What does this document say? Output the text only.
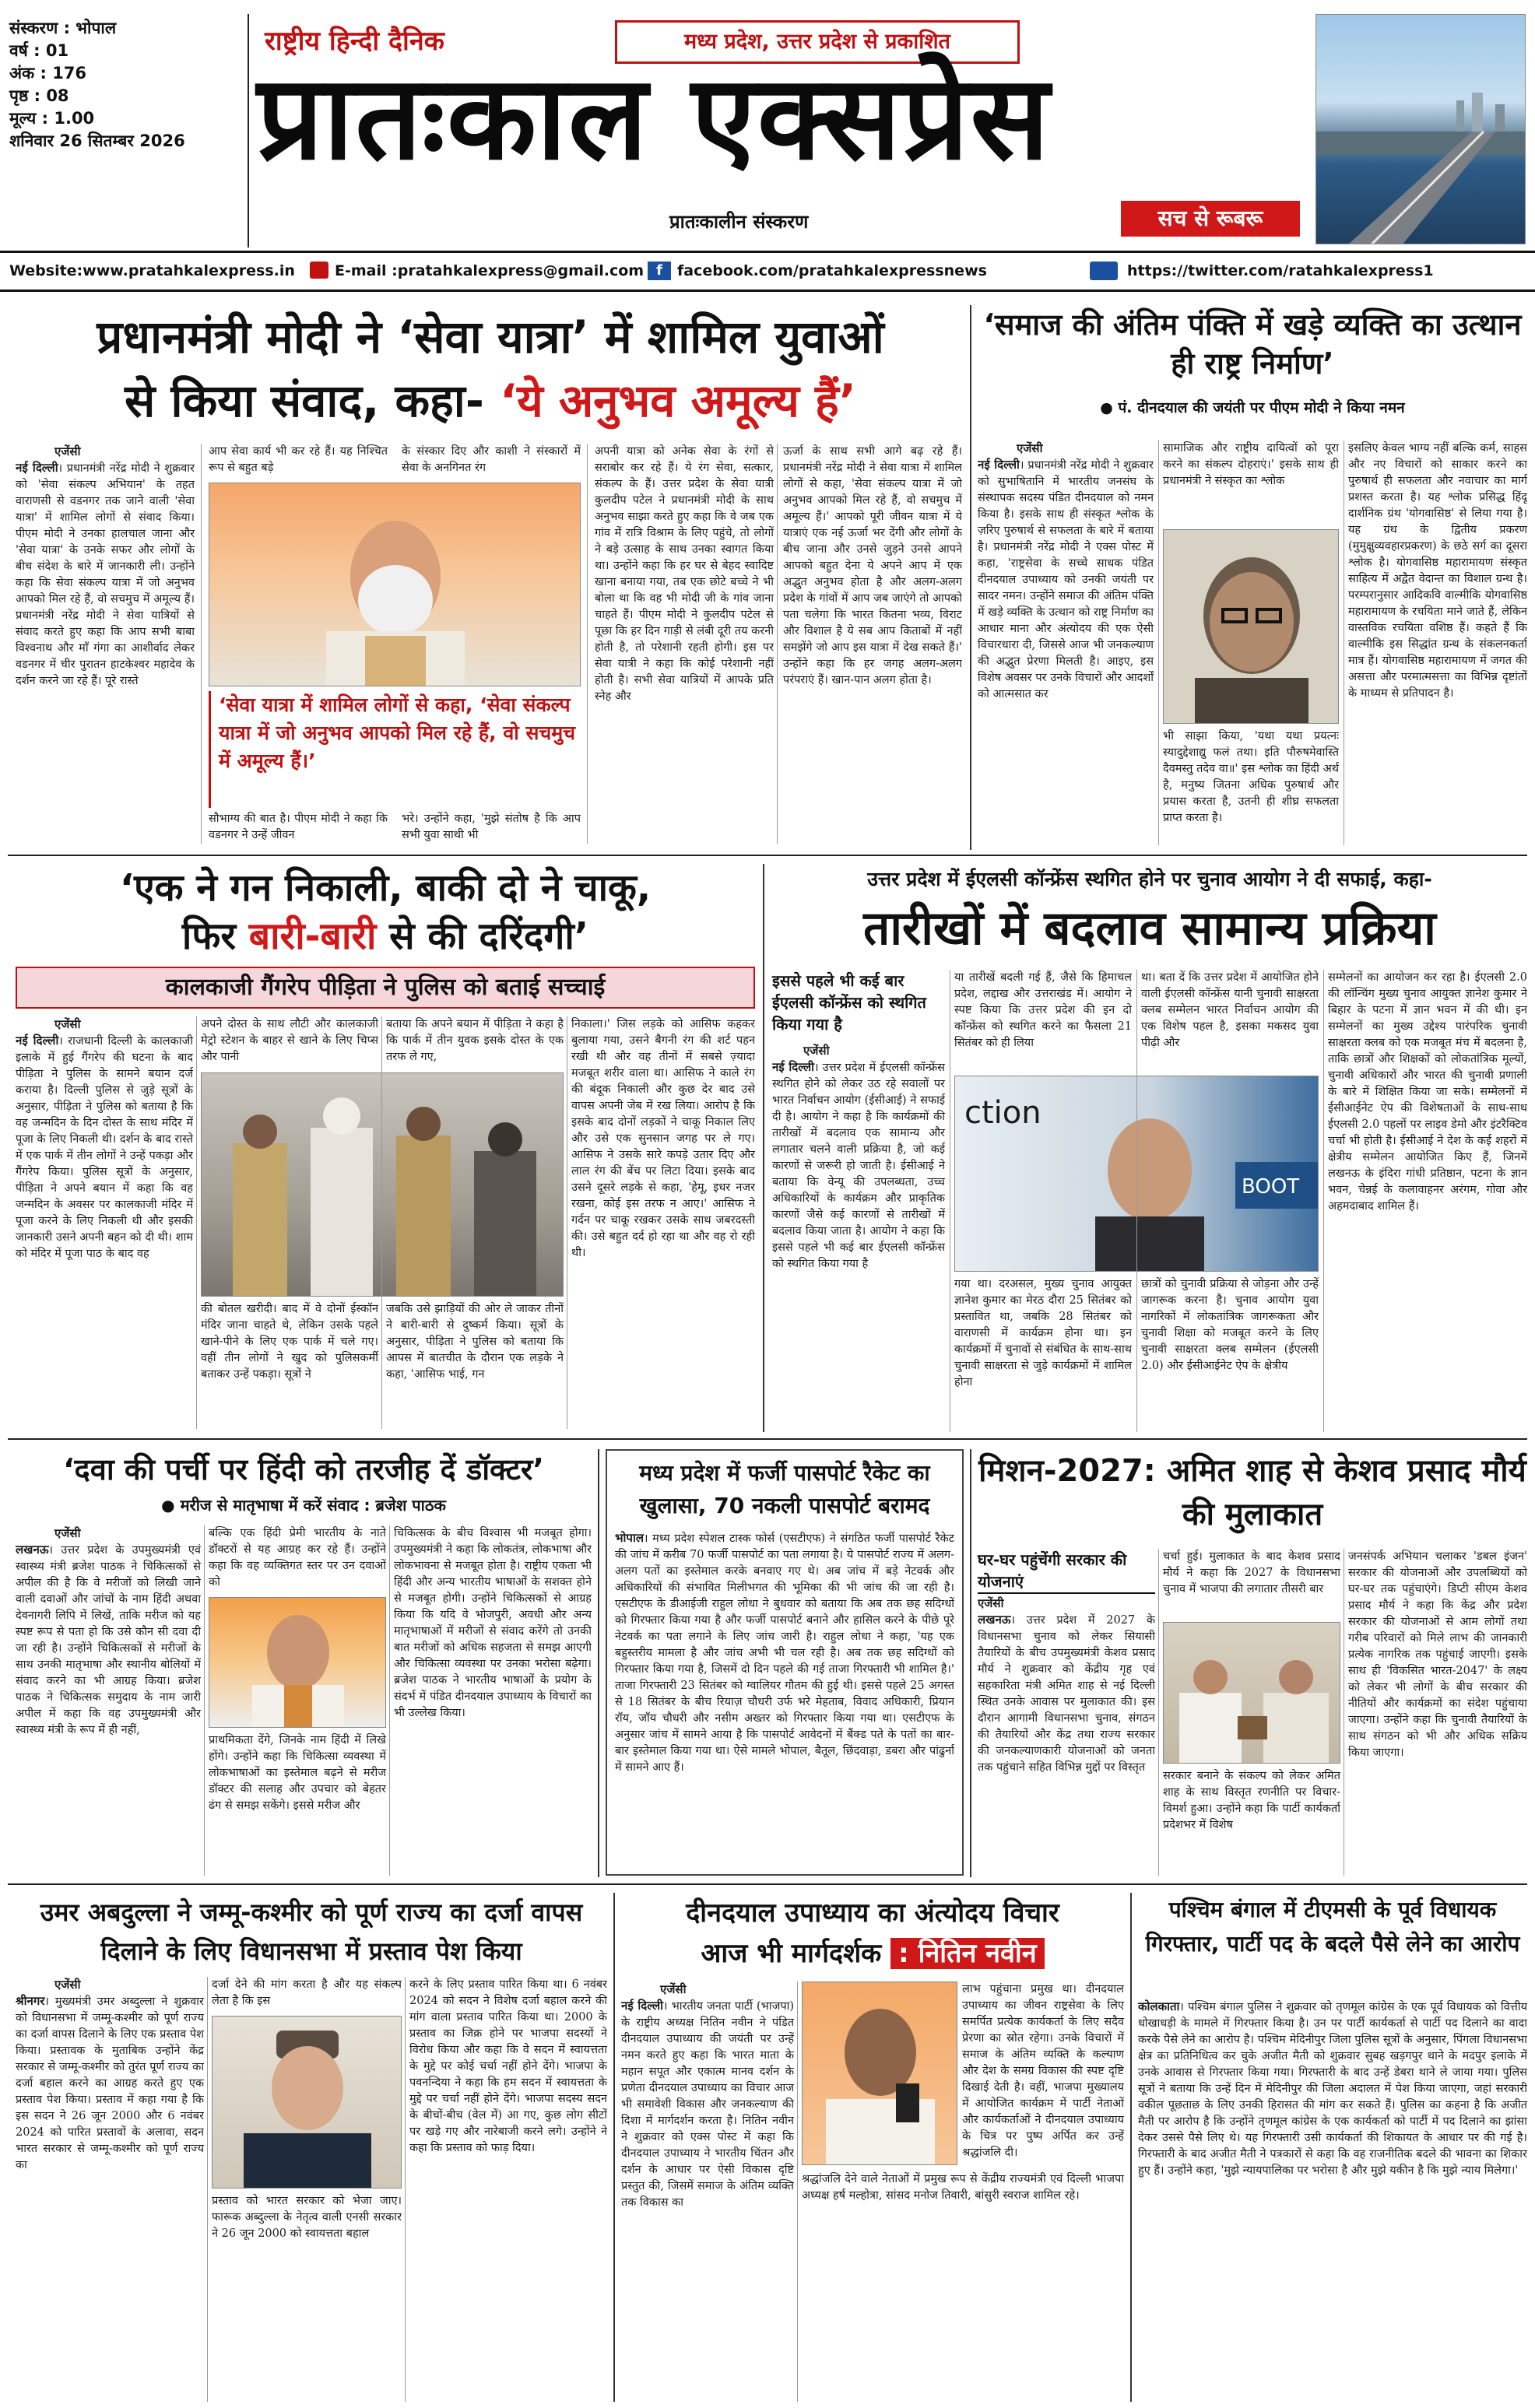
संस्करण : भोपाल
वर्ष : 01
अंक : 176
पृष्ठ : 08
मूल्य : 1.00
शनिवार 26 सितम्बर 2026
राष्ट्रीय हिन्दी दैनिक	मध्य प्रदेश, उत्तर प्रदेश से प्रकाशित
प्रातःकाल एक्सप्रेस
प्रातःकालीन संस्करण	सच से रूबरू
Website:www.pratahkalexpress.in	E-mail :pratahkalexpress@gmail.com f	facebook.com/pratahkalexpressnews	https://twitter.com/ratahkalexpress1
प्रधानमंत्री मोदी ने ‘सेवा यात्रा’ में शामिल युवाओं
से किया संवाद, कहा- ‘ये अनुभव अमूल्य हैं’
एजेंसी
नई दिल्ली। प्रधानमंत्री नरेंद्र मोदी ने शुक्रवार को 'सेवा संकल्प अभियान' के तहत वाराणसी से वडनगर तक जाने वाली 'सेवा यात्रा' में शामिल लोगों से संवाद किया। पीएम मोदी ने उनका हालचाल जाना और 'सेवा यात्रा' के उनके सफर और लोगों के बीच संदेश के बारे में जानकारी ली। उन्होंने कहा कि सेवा संकल्प यात्रा में जो अनुभव आपको मिल रहे हैं, वो सचमुच में अमूल्य हैं। प्रधानमंत्री नरेंद्र मोदी ने सेवा यात्रियों से संवाद करते हुए कहा कि आप सभी बाबा विश्वनाथ और माँ गंगा का आशीर्वाद लेकर वडनगर में चीर पुरातन हाटकेश्वर महादेव के दर्शन करने जा रहे हैं। पूरे रास्ते
आप सेवा कार्य भी कर रहे हैं। यह निश्चित रूप से बहुत बड़े
के संस्कार दिए और काशी ने संस्कारों में सेवा के अनगिनत रंग
‘सेवा यात्रा में शामिल लोगों से कहा, ‘सेवा संकल्प यात्रा में जो अनुभव आपको मिल रहे हैं, वो सचमुच में अमूल्य हैं।’
सौभाग्य की बात है। पीएम मोदी ने कहा कि वडनगर ने उन्हें जीवन
भरे। उन्होंने कहा, 'मुझे संतोष है कि आप सभी युवा साथी भी
अपनी यात्रा को अनेक सेवा के रंगों से सराबोर कर रहे हैं। ये रंग सेवा, सत्कार, संकल्प के हैं। उत्तर प्रदेश के सेवा यात्री कुलदीप पटेल ने प्रधानमंत्री मोदी के साथ अनुभव साझा करते हुए कहा कि वे जब एक गांव में रात्रि विश्राम के लिए पहुंचे, तो लोगों ने बड़े उत्साह के साथ उनका स्वागत किया था। उन्होंने कहा कि हर घर से बेहद स्वादिष्ट खाना बनाया गया, तब एक छोटे बच्चे ने भी बोला था कि वह भी मोदी जी के गांव जाना चाहते हैं। पीएम मोदी ने कुलदीप पटेल से पूछा कि हर दिन गाड़ी से लंबी दूरी तय करनी होती है, तो परेशानी रहती होगी। इस पर सेवा यात्री ने कहा कि कोई परेशानी नहीं होती है। सभी सेवा यात्रियों में आपके प्रति स्नेह और
ऊर्जा के साथ सभी आगे बढ़ रहे हैं। प्रधानमंत्री नरेंद्र मोदी ने सेवा यात्रा में शामिल लोगों से कहा, 'सेवा संकल्प यात्रा में जो अनुभव आपको मिल रहे हैं, वो सचमुच में अमूल्य हैं।' आपको पूरी जीवन यात्रा में ये यात्राएं एक नई ऊर्जा भर देंगी और लोगों के बीच जाना और उनसे जुड़ने उनसे आपने आपको बहुत देना ये अपने आप में एक अद्भुत अनुभव होता है और अलग-अलग प्रदेश के गांवों में आप जब जाएंगे तो आपको पता चलेगा कि भारत कितना भव्य, विराट और विशाल है ये सब आप किताबों में नहीं समझेंगे जो आप इस यात्रा में देख सकते हैं।' उन्होंने कहा कि हर जगह अलग-अलग परंपराएं हैं। खान-पान अलग होता है।
‘समाज की अंतिम पंक्ति में खड़े व्यक्ति का उत्थान ही राष्ट्र निर्माण’
● पं. दीनदयाल की जयंती पर पीएम मोदी ने किया नमन
एजेंसी
नई दिल्ली। प्रधानमंत्री नरेंद्र मोदी ने शुक्रवार को सुभाषितानि में भारतीय जनसंघ के संस्थापक सदस्य पंडित दीनदयाल को नमन किया है। इसके साथ ही संस्कृत श्लोक के ज़रिए पुरुषार्थ से सफलता के बारे में बताया है। प्रधानमंत्री नरेंद्र मोदी ने एक्स पोस्ट में कहा, 'राष्ट्रसेवा के सच्चे साधक पंडित दीनदयाल उपाध्याय को उनकी जयंती पर सादर नमन। उन्होंने समाज की अंतिम पंक्ति में खड़े व्यक्ति के उत्थान को राष्ट्र निर्माण का आधार माना और अंत्योदय की एक ऐसी विचारधारा दी, जिससे आज भी जनकल्याण की अद्भुत प्रेरणा मिलती है। आइए, इस विशेष अवसर पर उनके विचारों और आदर्शों को आत्मसात कर
सामाजिक और राष्ट्रीय दायित्वों को पूरा करने का संकल्प दोहराएं।' इसके साथ ही प्रधानमंत्री ने संस्कृत का श्लोक
भी साझा किया, 'यथा यथा प्रयत्नः स्यादुद्देशाद्यु फलं तथा। इति पौरुषमेवास्ति दैवमस्तु तदेव वा॥' इस श्लोक का हिंदी अर्थ है, मनुष्य जितना अधिक पुरुषार्थ और प्रयास करता है, उतनी ही शीघ्र सफलता प्राप्त करता है।
इसलिए केवल भाग्य नहीं बल्कि कर्म, साहस और नए विचारों को साकार करने का पुरुषार्थ ही सफलता और नवाचार का मार्ग प्रशस्त करता है। यह श्लोक प्रसिद्ध हिंदू दार्शनिक ग्रंथ 'योगवासिष्ठ' से लिया गया है। यह ग्रंथ के द्वितीय प्रकरण (मुमुक्षुव्यवहारप्रकरण) के छठे सर्ग का दूसरा श्लोक है। योगवासिष्ठ महारामायण संस्कृत साहित्य में अद्वैत वेदान्त का विशाल ग्रन्थ है। परम्परानुसार आदिकवि वाल्मीकि योगवासिष्ठ महारामायण के रचयिता माने जाते हैं, लेकिन वास्तविक रचयिता वशिष्ठ हैं। कहते हैं कि वाल्मीकि इस सिद्धांत ग्रन्थ के संकलनकर्ता मात्र हैं। योगवासिष्ठ महारामायण में जगत की असत्ता और परमात्मसत्ता का विभिन्न दृष्टांतों के माध्यम से प्रतिपादन है।
‘एक ने गन निकाली, बाकी दो ने चाकू,
फिर बारी-बारी से की दरिंदगी’
कालकाजी गैंगरेप पीड़िता ने पुलिस को बताई सच्चाई
एजेंसी
नई दिल्ली। राजधानी दिल्ली के कालकाजी इलाके में हुई गैंगरेप की घटना के बाद पीड़िता ने पुलिस के सामने बयान दर्ज कराया है। दिल्ली पुलिस से जुड़े सूत्रों के अनुसार, पीड़िता ने पुलिस को बताया है कि वह जन्मदिन के दिन दोस्त के साथ मंदिर में पूजा के लिए निकली थी। दर्शन के बाद रास्ते में एक पार्क में तीन लोगों ने उन्हें पकड़ा और गैंगरेप किया। पुलिस सूत्रों के अनुसार, पीड़िता ने अपने बयान में कहा कि वह जन्मदिन के अवसर पर कालकाजी मंदिर में पूजा करने के लिए निकली थी और इसकी जानकारी उसने अपनी बहन को दी थी। शाम को मंदिर में पूजा पाठ के बाद वह
अपने दोस्त के साथ लौटी और कालकाजी मेट्रो स्टेशन के बाहर से खाने के लिए चिप्स और पानी
बताया कि अपने बयान में पीड़िता ने कहा है कि पार्क में तीन युवक इसके दोस्त के एक तरफ ले गए,
की बोतल खरीदी। बाद में वे दोनों ईस्कॉन मंदिर जाना चाहते थे, लेकिन उसके पहले खाने-पीने के लिए एक पार्क में चले गए। वहीं तीन लोगों ने खुद को पुलिसकर्मी बताकर उन्हें पकड़ा। सूत्रों ने
जबकि उसे झाड़ियों की ओर ले जाकर तीनों ने बारी-बारी से दुष्कर्म किया। सूत्रों के अनुसार, पीड़िता ने पुलिस को बताया कि आपस में बातचीत के दौरान एक लड़के ने कहा, 'आसिफ भाई, गन
निकाला।' जिस लड़के को आसिफ कहकर बुलाया गया, उसने बैगनी रंग की शर्ट पहन रखी थी और वह तीनों में सबसे ज़्यादा मजबूत शरीर वाला था। आसिफ ने काले रंग की बंदूक निकाली और कुछ देर बाद उसे वापस अपनी जेब में रख लिया। आरोप है कि इसके बाद दोनों लड़कों ने चाकू निकाल लिए और उसे एक सुनसान जगह पर ले गए। आसिफ ने उसके सारे कपड़े उतार दिए और लाल रंग की बेंच पर लिटा दिया। इसके बाद उसने दूसरे लड़के से कहा, 'हेमू, इधर नजर रखना, कोई इस तरफ न आए।' आसिफ ने गर्दन पर चाकू रखकर उसके साथ जबरदस्ती की। उसे बहुत दर्द हो रहा था और वह रो रही थी।
उत्तर प्रदेश में ईएलसी कॉन्फ्रेंस स्थगित होने पर चुनाव आयोग ने दी सफाई, कहा-
तारीखों में बदलाव सामान्य प्रक्रिया
इससे पहले भी कई बार ईएलसी कॉन्फ्रेंस को स्थगित किया गया है
एजेंसी
नई दिल्ली। उत्तर प्रदेश में ईएलसी कॉन्फ्रेंस स्थगित होने को लेकर उठ रहे सवालों पर भारत निर्वाचन आयोग (ईसीआई) ने सफाई दी है। आयोग ने कहा है कि कार्यक्रमों की तारीखों में बदलाव एक सामान्य और लगातार चलने वाली प्रक्रिया है, जो कई कारणों से जरूरी हो जाती है। ईसीआई ने बताया कि वेन्यू की उपलब्धता, उच्च अधिकारियों के कार्यक्रम और प्राकृतिक कारणों जैसे कई कारणों से तारीखों में बदलाव किया जाता है। आयोग ने कहा कि इससे पहले भी कई बार ईएलसी कॉन्फ्रेंस को स्थगित किया गया है
या तारीखें बदली गई हैं, जैसे कि हिमाचल प्रदेश, लद्दाख और उत्तराखंड में। आयोग ने स्पष्ट किया कि उत्तर प्रदेश की इन दो कॉन्फ्रेंस को स्थगित करने का फैसला 21 सितंबर को ही लिया
था। बता दें कि उत्तर प्रदेश में आयोजित होने वाली ईएलसी कॉन्फ्रेंस यानी चुनावी साक्षरता क्लब सम्मेलन भारत निर्वाचन आयोग की एक विशेष पहल है, इसका मकसद युवा पीढ़ी और
ction
BOOT
गया था। दरअसल, मुख्य चुनाव आयुक्त ज्ञानेश कुमार का मेरठ दौरा 25 सितंबर को प्रस्तावित था, जबकि 28 सितंबर को वाराणसी में कार्यक्रम होना था। इन कार्यक्रमों में चुनावों से संबंधित के साथ-साथ चुनावी साक्षरता से जुड़े कार्यक्रमों में शामिल होना
छात्रों को चुनावी प्रक्रिया से जोड़ना और उन्हें जागरूक करना है। चुनाव आयोग युवा नागरिकों में लोकतांत्रिक जागरूकता और चुनावी शिक्षा को मजबूत करने के लिए चुनावी साक्षरता क्लब सम्मेलन (ईएलसी 2.0) और ईसीआईनेट ऐप के क्षेत्रीय
सम्मेलनों का आयोजन कर रहा है। ईएलसी 2.0 की लॉन्चिंग मुख्य चुनाव आयुक्त ज्ञानेश कुमार ने बिहार के पटना में ज्ञान भवन में की थी। इन सम्मेलनों का मुख्य उद्देश्य पारंपरिक चुनावी साक्षरता क्लब को एक मजबूत मंच में बदलना है, ताकि छात्रों और शिक्षकों को लोकतांत्रिक मूल्यों, चुनावी अधिकारों और भारत की चुनावी प्रणाली के बारे में शिक्षित किया जा सके। सम्मेलनों में ईसीआईनेट ऐप की विशेषताओं के साथ-साथ ईएलसी 2.0 पहलों पर लाइव डेमो और इंटरैक्टिव चर्चा भी होती है। ईसीआई ने देश के कई शहरों में क्षेत्रीय सम्मेलन आयोजित किए हैं, जिनमें लखनऊ के इंदिरा गांधी प्रतिष्ठान, पटना के ज्ञान भवन, चेन्नई के कलावाहनर अरंगम, गोवा और अहमदाबाद शामिल हैं।
‘दवा की पर्ची पर हिंदी को तरजीह दें डॉक्टर’
● मरीज से मातृभाषा में करें संवाद : ब्रजेश पाठक
एजेंसी
लखनऊ। उत्तर प्रदेश के उपमुख्यमंत्री एवं स्वास्थ्य मंत्री ब्रजेश पाठक ने चिकित्सकों से अपील की है कि वे मरीजों को लिखी जाने वाली दवाओं और जांचों के नाम हिंदी अथवा देवनागरी लिपि में लिखें, ताकि मरीज को यह स्पष्ट रूप से पता हो कि उसे कौन सी दवा दी जा रही है। उन्होंने चिकित्सकों से मरीजों के साथ उनकी मातृभाषा और स्थानीय बोलियों में संवाद करने का भी आग्रह किया। ब्रजेश पाठक ने चिकित्सक समुदाय के नाम जारी अपील में कहा कि वह उपमुख्यमंत्री और स्वास्थ्य मंत्री के रूप में ही नहीं,
बल्कि एक हिंदी प्रेमी भारतीय के नाते डॉक्टरों से यह आग्रह कर रहे हैं। उन्होंने कहा कि वह व्यक्तिगत स्तर पर उन दवाओं को
प्राथमिकता देंगे, जिनके नाम हिंदी में लिखे होंगे। उन्होंने कहा कि चिकित्सा व्यवस्था में लोकभाषाओं का इस्तेमाल बढ़ने से मरीज डॉक्टर की सलाह और उपचार को बेहतर ढंग से समझ सकेंगे। इससे मरीज और
चिकित्सक के बीच विश्वास भी मजबूत होगा। उपमुख्यमंत्री ने कहा कि लोकतंत्र, लोकभाषा और लोकभावना से मजबूत होता है। राष्ट्रीय एकता भी हिंदी और अन्य भारतीय भाषाओं के सशक्त होने से मजबूत होगी। उन्होंने चिकित्सकों से आग्रह किया कि यदि वे भोजपुरी, अवधी और अन्य मातृभाषाओं में मरीजों से संवाद करेंगे तो उनकी बात मरीजों को अधिक सहजता से समझ आएगी और चिकित्सा व्यवस्था पर उनका भरोसा बढ़ेगा। ब्रजेश पाठक ने भारतीय भाषाओं के प्रयोग के संदर्भ में पंडित दीनदयाल उपाध्याय के विचारों का भी उल्लेख किया।
मध्य प्रदेश में फर्जी पासपोर्ट रैकेट का खुलासा, 70 नकली पासपोर्ट बरामद
भोपाल। मध्य प्रदेश स्पेशल टास्क फोर्स (एसटीएफ) ने संगठित फर्जी पासपोर्ट रैकेट की जांच में करीब 70 फर्जी पासपोर्ट का पता लगाया है। ये पासपोर्ट राज्य में अलग-अलग पतों का इस्तेमाल करके बनवाए गए थे। अब जांच में बड़े नेटवर्क और अधिकारियों की संभावित मिलीभगत की भूमिका की भी जांच की जा रही है। एसटीएफ के डीआईजी राहुल लोधा ने बुधवार को बताया कि अब तक छह सदिग्धों को गिरफ्तार किया गया है और फर्जी पासपोर्ट बनाने और हासिल करने के पीछे पूरे नेटवर्क का पता लगाने के लिए जांच जारी है। राहुल लोधा ने कहा, 'यह एक बहुस्तरीय मामला है और जांच अभी भी चल रही है। अब तक छह सदिग्धों को गिरफ्तार किया गया है, जिसमें दो दिन पहले की गई ताजा गिरफ्तारी भी शामिल है।' ताजा गिरफ्तारी 23 सितंबर को ग्वालियर गौतम की हुई थी। इससे पहले 25 अगस्त से 18 सितंबर के बीच रियाज़ चौधरी उर्फ भरे मेहताब, विवाद अधिकारी, प्रियान रॉय, जॉय चौधरी और नसीम अख्तर को गिरफ्तार किया गया था। एसटीएफ के अनुसार जांच में सामने आया है कि पासपोर्ट आवेदनों में बैंक्ड पते के पतों का बार-बार इस्तेमाल किया गया था। ऐसे मामले भोपाल, बैतूल, छिंदवाड़ा, डबरा और पांढुर्ना में सामने आए हैं।
मिशन-2027: अमित शाह से केशव प्रसाद मौर्य की मुलाकात
घर-घर पहुंचेंगी सरकार की योजनाएं
एजेंसी
लखनऊ। उत्तर प्रदेश में 2027 के विधानसभा चुनाव को लेकर सियासी तैयारियों के बीच उपमुख्यमंत्री केशव प्रसाद मौर्य ने शुक्रवार को केंद्रीय गृह एवं सहकारिता मंत्री अमित शाह से नई दिल्ली स्थित उनके आवास पर मुलाकात की। इस दौरान आगामी विधानसभा चुनाव, संगठन की तैयारियों और केंद्र तथा राज्य सरकार की जनकल्याणकारी योजनाओं को जनता तक पहुंचाने सहित विभिन्न मुद्दों पर विस्तृत
चर्चा हुई। मुलाकात के बाद केशव प्रसाद मौर्य ने कहा कि 2027 के विधानसभा चुनाव में भाजपा की लगातार तीसरी बार
सरकार बनाने के संकल्प को लेकर अमित शाह के साथ विस्तृत रणनीति पर विचार-विमर्श हुआ। उन्होंने कहा कि पार्टी कार्यकर्ता प्रदेशभर में विशेष
जनसंपर्क अभियान चलाकर 'डबल इंजन' सरकार की योजनाओं और उपलब्धियों को घर-घर तक पहुंचाएंगे। डिप्टी सीएम केशव प्रसाद मौर्य ने कहा कि केंद्र और प्रदेश सरकार की योजनाओं से आम लोगों तथा गरीब परिवारों को मिले लाभ की जानकारी प्रत्येक नागरिक तक पहुंचाई जाएगी। इसके साथ ही 'विकसित भारत-2047' के लक्ष्य को लेकर भी लोगों के बीच सरकार की नीतियों और कार्यक्रमों का संदेश पहुंचाया जाएगा। उन्होंने कहा कि चुनावी तैयारियों के साथ संगठन को भी और अधिक सक्रिय किया जाएगा।
उमर अबदुल्ला ने जम्मू-कश्मीर को पूर्ण राज्य का दर्जा वापस दिलाने के लिए विधानसभा में प्रस्ताव पेश किया
एजेंसी
श्रीनगर। मुख्यमंत्री उमर अब्दुल्ला ने शुक्रवार को विधानसभा में जम्मू-कश्मीर को पूर्ण राज्य का दर्जा वापस दिलाने के लिए एक प्रस्ताव पेश किया। प्रस्तावक के मुताबिक उन्होंने केंद्र सरकार से जम्मू-कश्मीर को तुरंत पूर्ण राज्य का दर्जा बहाल करने का आग्रह करते हुए एक प्रस्ताव पेश किया। प्रस्ताव में कहा गया है कि इस सदन ने 26 जून 2000 और 6 नवंबर 2024 को पारित प्रस्तावों के अलावा, सदन भारत सरकार से जम्मू-कश्मीर को पूर्ण राज्य का
दर्जा देने की मांग करता है और यह संकल्प लेता है कि इस
प्रस्ताव को भारत सरकार को भेजा जाए। फारूक अब्दुल्ला के नेतृत्व वाली एनसी सरकार ने 26 जून 2000 को स्वायत्तता बहाल
करने के लिए प्रस्ताव पारित किया था। 6 नवंबर 2024 को सदन ने विशेष दर्जा बहाल करने की मांग वाला प्रस्ताव पारित किया था। 2000 के प्रस्ताव का जिक्र होने पर भाजपा सदस्यों ने विरोध किया और कहा कि वे सदन में स्वायत्तता के मुद्दे पर कोई चर्चा नहीं होने देंगे। भाजपा के पवनन्दिया ने कहा कि हम सदन में स्वायत्तता के मुद्दे पर चर्चा नहीं होने देंगे। भाजपा सदस्य सदन के बीचों-बीच (वेल में) आ गए, कुछ लोग सीटों पर खड़े गए और नारेबाजी करने लगे। उन्होंने ने कहा कि प्रस्ताव को फाड़ दिया।
दीनदयाल उपाध्याय का अंत्योदय विचार
आज भी मार्गदर्शक : नितिन नवीन
एजेंसी
नई दिल्ली। भारतीय जनता पार्टी (भाजपा) के राष्ट्रीय अध्यक्ष नितिन नवीन ने पंडित दीनदयाल उपाध्याय की जयंती पर उन्हें नमन करते हुए कहा कि भारत माता के महान सपूत और एकात्म मानव दर्शन के प्रणेता दीनदयाल उपाध्याय का विचार आज भी समावेशी विकास और जनकल्याण की दिशा में मार्गदर्शन करता है। नितिन नवीन ने शुक्रवार को एक्स पोस्ट में कहा कि दीनदयाल उपाध्याय ने भारतीय चिंतन और दर्शन के आधार पर ऐसी विकास दृष्टि प्रस्तुत की, जिसमें समाज के अंतिम व्यक्ति तक विकास का
लाभ पहुंचाना प्रमुख था। दीनदयाल उपाध्याय का जीवन राष्ट्रसेवा के लिए समर्पित प्रत्येक कार्यकर्ता के लिए सदैव प्रेरणा का स्रोत रहेगा। उनके विचारों में समाज के अंतिम व्यक्ति के कल्याण और देश के समग्र विकास की स्पष्ट दृष्टि दिखाई देती है। वहीं, भाजपा मुख्यालय में आयोजित कार्यक्रम में पार्टी नेताओं और कार्यकर्ताओं ने दीनदयाल उपाध्याय के चित्र पर पुष्प अर्पित कर उन्हें श्रद्धांजलि दी।
श्रद्धांजलि देने वाले नेताओं में प्रमुख रूप से केंद्रीय राज्यमंत्री एवं दिल्ली भाजपा अध्यक्ष हर्ष मल्होत्रा, सांसद मनोज तिवारी, बांसुरी स्वराज शामिल रहे।
पश्चिम बंगाल में टीएमसी के पूर्व विधायक गिरफ्तार, पार्टी पद के बदले पैसे लेने का आरोप
कोलकाता। पश्चिम बंगाल पुलिस ने शुक्रवार को तृणमूल कांग्रेस के एक पूर्व विधायक को वित्तीय धोखाधड़ी के मामले में गिरफ्तार किया है। उन पर पार्टी कार्यकर्ता से पार्टी पद दिलाने का वादा करके पैसे लेने का आरोप है। पश्चिम मेदिनीपुर जिला पुलिस सूत्रों के अनुसार, पिंगला विधानसभा क्षेत्र का प्रतिनिधित्व कर चुके अजीत मैती को शुक्रवार सुबह खड़गपुर थाने के मदपुर इलाके में उनके आवास से गिरफ्तार किया गया। गिरफ्तारी के बाद उन्हें डेबरा थाने ले जाया गया। पुलिस सूत्रों ने बताया कि उन्हें दिन में मेदिनीपुर की जिला अदालत में पेश किया जाएगा, जहां सरकारी वकील पूछताछ के लिए उनकी हिरासत की मांग कर सकते हैं। पुलिस का कहना है कि अजीत मैती पर आरोप है कि उन्होंने तृणमूल कांग्रेस के एक कार्यकर्ता को पार्टी में पद दिलाने का झांसा देकर उससे पैसे लिए थे। यह गिरफ्तारी उसी कार्यकर्ता की शिकायत के आधार पर की गई है। गिरफ्तारी के बाद अजीत मैती ने पत्रकारों से कहा कि वह राजनीतिक बदले की भावना का शिकार हुए हैं। उन्होंने कहा, 'मुझे न्यायपालिका पर भरोसा है और मुझे यकीन है कि मुझे न्याय मिलेगा।'
